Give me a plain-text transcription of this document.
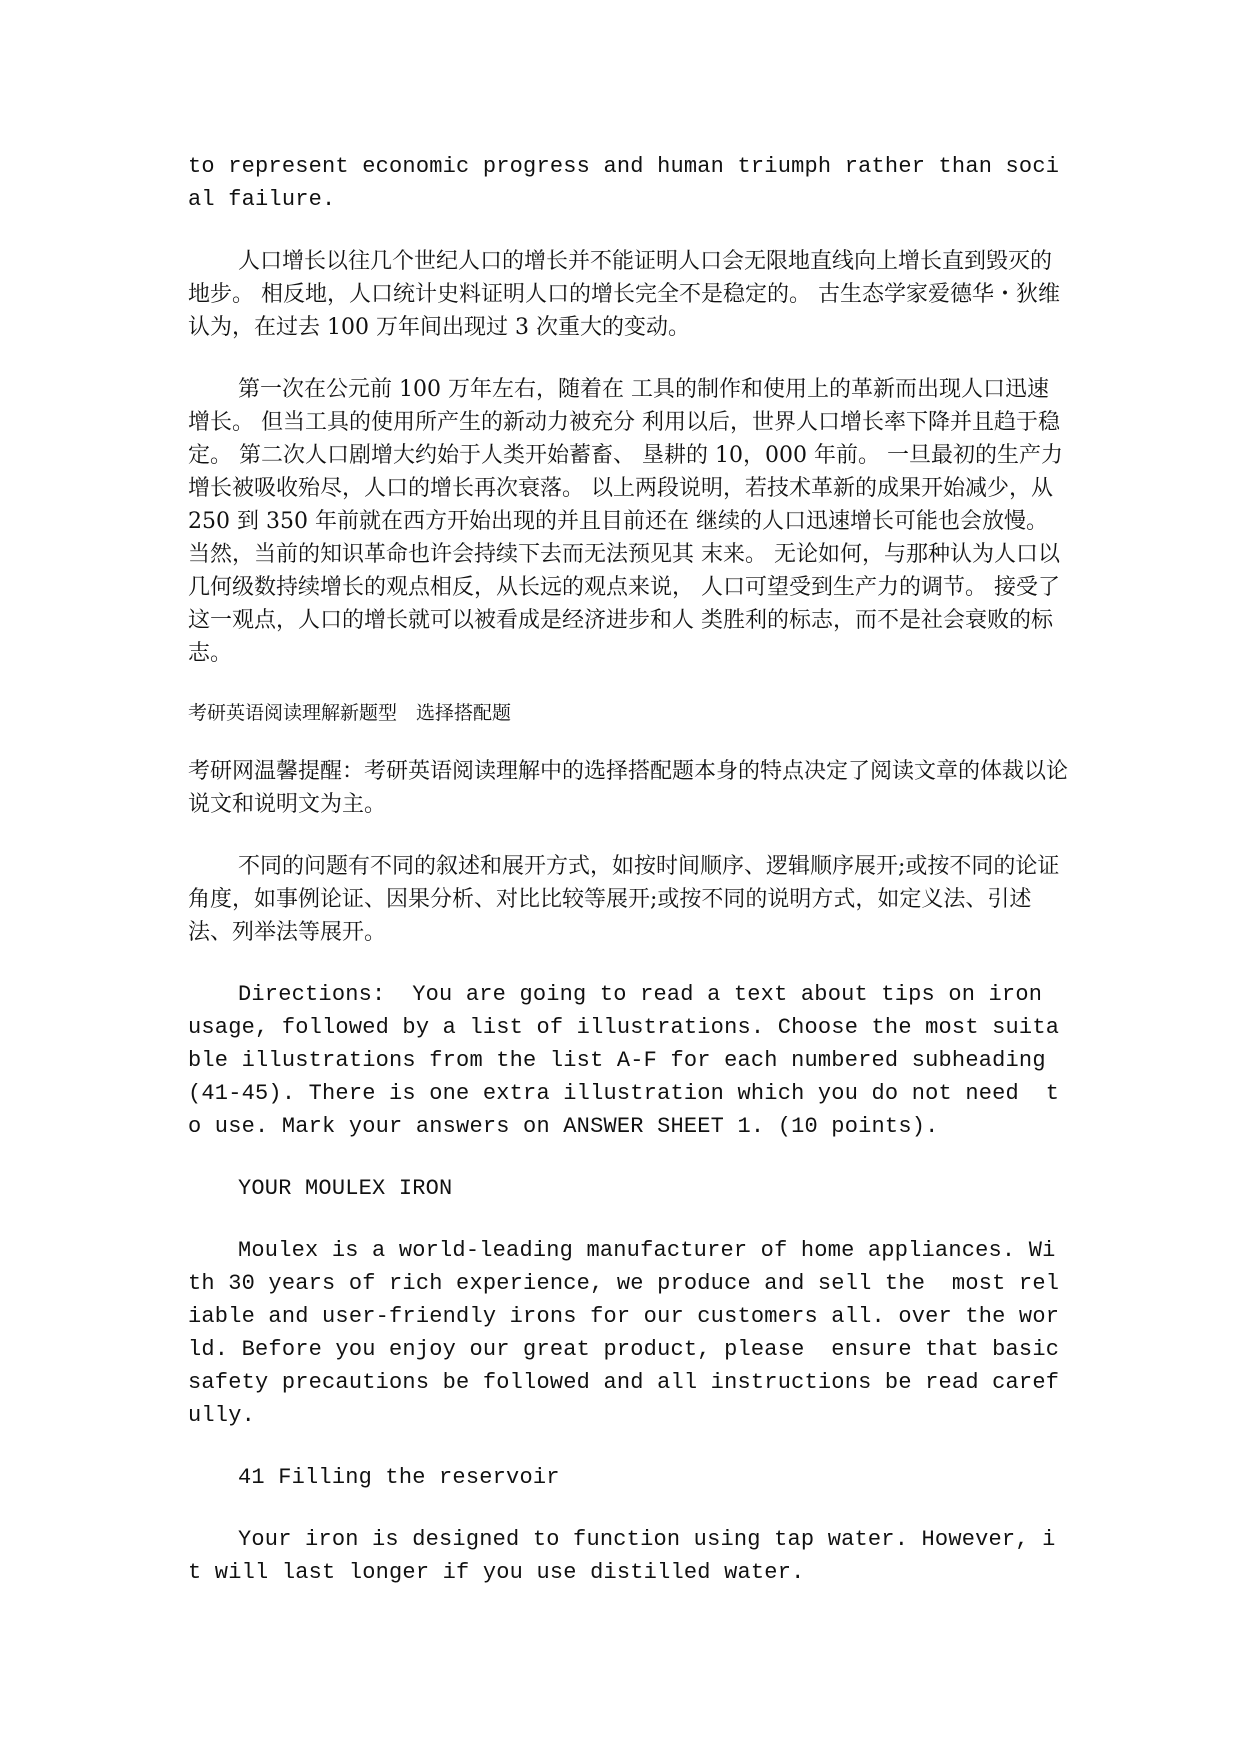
to represent economic progress and human triumph rather than social failure.

人口增长以往几个世纪人口的增长并不能证明人口会无限地直线向上增长直到毁灭的 地步。 相反地，人口统计史料证明人口的增长完全不是稳定的。 古生态学家爱德华・狄维 认为，在过去 100 万年间出现过 3 次重大的变动。

第一次在公元前 100 万年左右，随着在 工具的制作和使用上的革新而出现人口迅速增长。 但当工具的使用所产生的新动力被充分 利用以后，世界人口增长率下降并且趋于稳定。 第二次人口剧增大约始于人类开始蓄畜、 垦耕的 10，000 年前。 一旦最初的生产力增长被吸收殆尽，人口的增长再次衰落。 以上两段说明，若技术革新的成果开始减少，从 250 到 350 年前就在西方开始出现的并且目前还在 继续的人口迅速增长可能也会放慢。 当然，当前的知识革命也许会持续下去而无法预见其 末来。 无论如何，与那种认为人口以几何级数持续增长的观点相反，从长远的观点来说， 人口可望受到生产力的调节。 接受了这一观点，人口的增长就可以被看成是经济进步和人 类胜利的标志，而不是社会衰败的标志。

考研英语阅读理解新题型　选择搭配题

考研网温馨提醒：考研英语阅读理解中的选择搭配题本身的特点决定了阅读文章的体裁以论说文和说明文为主。

不同的问题有不同的叙述和展开方式，如按时间顺序、逻辑顺序展开;或按不同的论证角度，如事例论证、因果分析、对比比较等展开;或按不同的说明方式，如定义法、引述法、列举法等展开。

Directions:  You are going to read a text about tips on iron usage, followed by a list of illustrations. Choose the most suitable illustrations from the list A-F for each numbered subheading (41-45). There is one extra illustration which you do not need  to use. Mark your answers on ANSWER SHEET 1. (10 points).

YOUR MOULEX IRON

Moulex is a world-leading manufacturer of home appliances. With 30 years of rich experience, we produce and sell the  most reliable and user-friendly irons for our customers all. over the world. Before you enjoy our great product, please  ensure that basic safety precautions be followed and all instructions be read carefully.

41 Filling the reservoir

Your iron is designed to function using tap water. However, it will last longer if you use distilled water.
